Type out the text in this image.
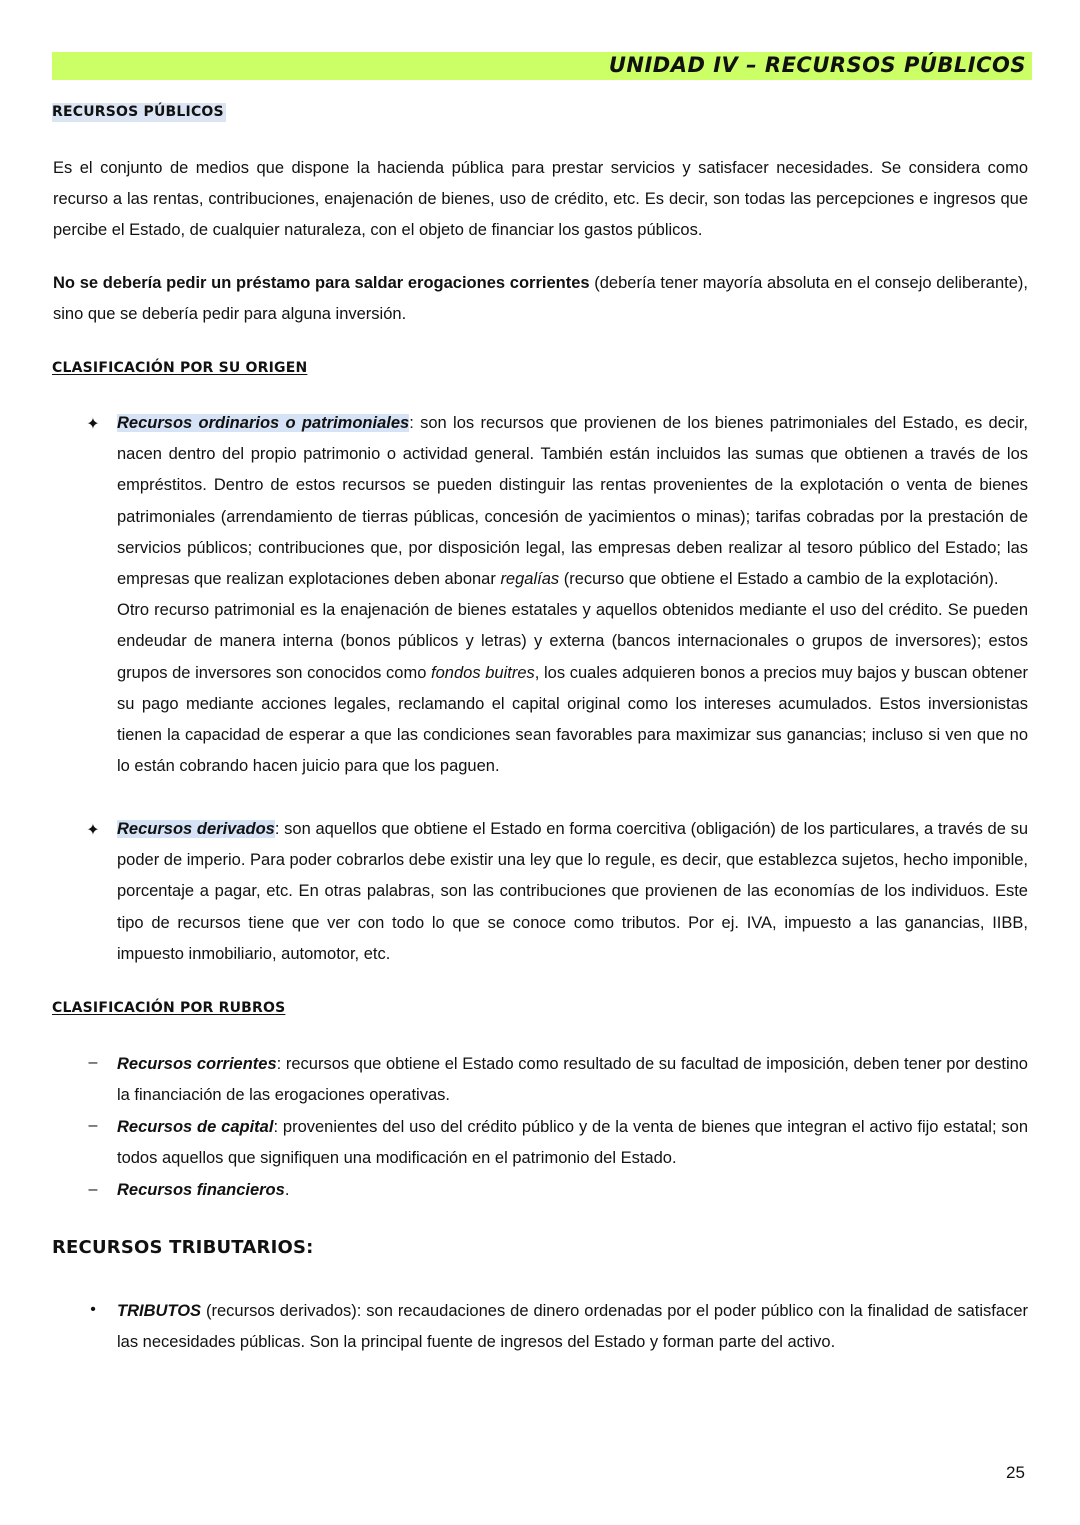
UNIDAD IV – RECURSOS PÚBLICOS
RECURSOS PÚBLICOS

Es el conjunto de medios que dispone la hacienda pública para prestar servicios y satisfacer necesidades. Se considera como recurso a las rentas, contribuciones, enajenación de bienes, uso de crédito, etc. Es decir, son todas las percepciones e ingresos que percibe el Estado, de cualquier naturaleza, con el objeto de financiar los gastos públicos.

No se debería pedir un préstamo para saldar erogaciones corrientes (debería tener mayoría absoluta en el consejo deliberante), sino que se debería pedir para alguna inversión.

CLASIFICACIÓN POR SU ORIGEN
✦ Recursos ordinarios o patrimoniales: son los recursos que provienen de los bienes patrimoniales del Estado, es decir, nacen dentro del propio patrimonio o actividad general. También están incluidos las sumas que obtienen a través de los empréstitos. Dentro de estos recursos se pueden distinguir las rentas provenientes de la explotación o venta de bienes patrimoniales (arrendamiento de tierras públicas, concesión de yacimientos o minas); tarifas cobradas por la prestación de servicios públicos; contribuciones que, por disposición legal, las empresas deben realizar al tesoro público del Estado; las empresas que realizan explotaciones deben abonar regalías (recurso que obtiene el Estado a cambio de la explotación).
Otro recurso patrimonial es la enajenación de bienes estatales y aquellos obtenidos mediante el uso del crédito. Se pueden endeudar de manera interna (bonos públicos y letras) y externa (bancos internacionales o grupos de inversores); estos grupos de inversores son conocidos como fondos buitres, los cuales adquieren bonos a precios muy bajos y buscan obtener su pago mediante acciones legales, reclamando el capital original como los intereses acumulados. Estos inversionistas tienen la capacidad de esperar a que las condiciones sean favorables para maximizar sus ganancias; incluso si ven que no lo están cobrando hacen juicio para que los paguen.

✦ Recursos derivados: son aquellos que obtiene el Estado en forma coercitiva (obligación) de los particulares, a través de su poder de imperio. Para poder cobrarlos debe existir una ley que lo regule, es decir, que establezca sujetos, hecho imponible, porcentaje a pagar, etc. En otras palabras, son las contribuciones que provienen de las economías de los individuos. Este tipo de recursos tiene que ver con todo lo que se conoce como tributos. Por ej. IVA, impuesto a las ganancias, IIBB, impuesto inmobiliario, automotor, etc.

CLASIFICACIÓN POR RUBROS
– Recursos corrientes: recursos que obtiene el Estado como resultado de su facultad de imposición, deben tener por destino la financiación de las erogaciones operativas.

– Recursos de capital: provenientes del uso del crédito público y de la venta de bienes que integran el activo fijo estatal; son todos aquellos que signifiquen una modificación en el patrimonio del Estado.

– Recursos financieros.

RECURSOS TRIBUTARIOS:
•	TRIBUTOS (recursos derivados): son recaudaciones de dinero ordenadas por el poder público con la finalidad de satisfacer las necesidades públicas. Son la principal fuente de ingresos del Estado y forman parte del activo.

25
